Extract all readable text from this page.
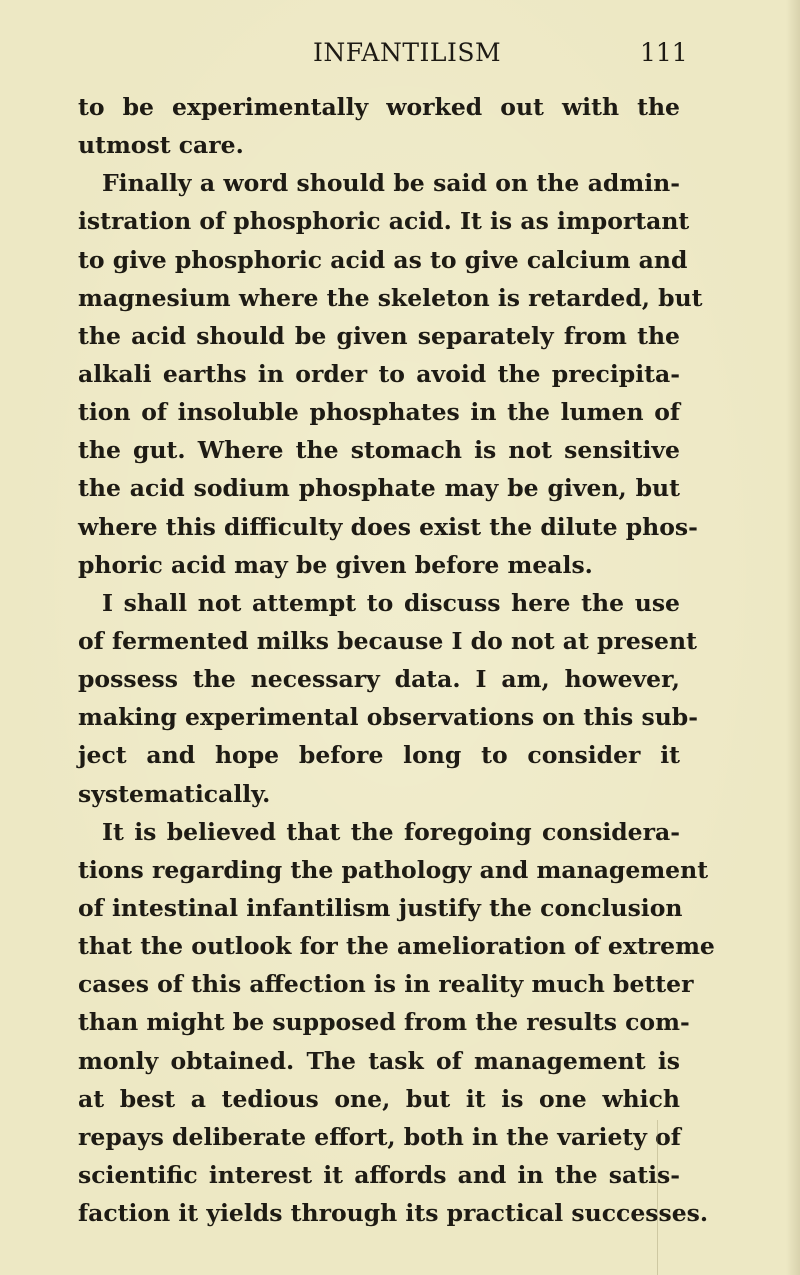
INFANTILISM	111
to be experimentally worked out with the
utmost care.
Finally a word should be said on the admin-
istration of phosphoric acid. It is as important
to give phosphoric acid as to give calcium and
magnesium where the skeleton is retarded, but
the acid should be given separately from the
alkali earths in order to avoid the precipita-
tion of insoluble phosphates in the lumen of
the gut. Where the stomach is not sensitive
the acid sodium phosphate may be given, but
where this difficulty does exist the dilute phos-
phoric acid may be given before meals.
I shall not attempt to discuss here the use
of fermented milks because I do not at present
possess the necessary data. I am, however,
making experimental observations on this sub-
ject and hope before long to consider it
systematically.
It is believed that the foregoing considera-
tions regarding the pathology and management
of intestinal infantilism justify the conclusion
that the outlook for the amelioration of extreme
cases of this affection is in reality much better
than might be supposed from the results com-
monly obtained. The task of management is
at best a tedious one, but it is one which
repays deliberate effort, both in the variety of
scientific interest it affords and in the satis-
faction it yields through its practical successes.
